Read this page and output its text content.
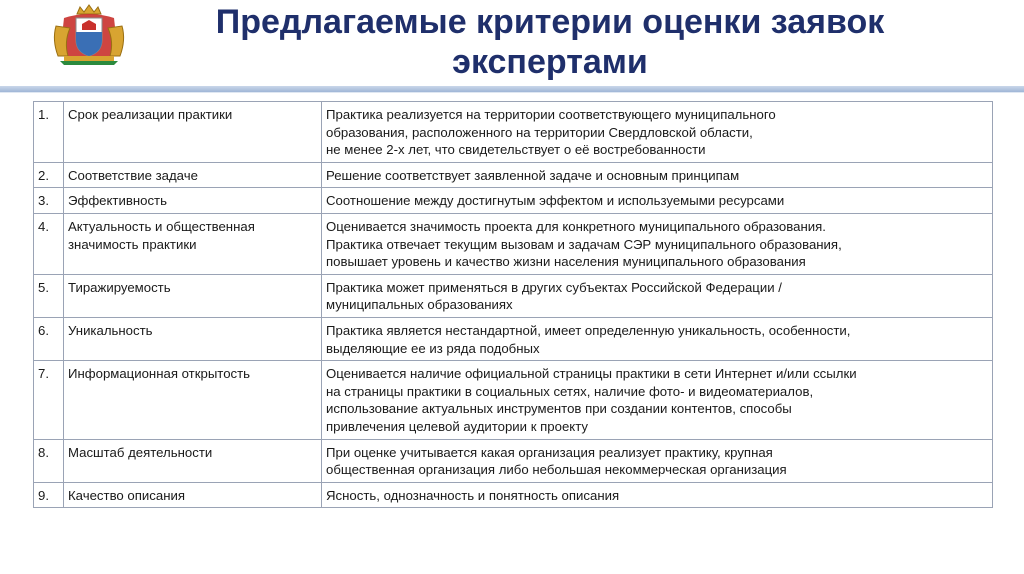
Предлагаемые критерии оценки заявок
экспертами
1.	Срок реализации практики	Практика реализуется на территории соответствующего муниципального
образования, расположенного на территории Свердловской области,
не менее 2-х лет, что свидетельствует о её востребованности

2.	Соответствие задаче	Решение соответствует заявленной задаче и основным принципам

3.	Эффективность	Соотношение между достигнутым эффектом и используемыми ресурсами

4.	Актуальность и общественная значимость практики	Оценивается значимость проекта для конкретного муниципального образования.
Практика отвечает текущим вызовам и задачам СЭР муниципального образования,
повышает уровень и качество жизни населения муниципального образования

5.	Тиражируемость	Практика может применяться в других субъектах Российской Федерации /
муниципальных образованиях

6.	Уникальность	Практика является нестандартной, имеет определенную уникальность, особенности,
выделяющие ее из ряда подобных

7.	Информационная открытость	Оценивается наличие официальной страницы практики в сети Интернет и/или ссылки
на страницы практики в социальных сетях, наличие фото- и видеоматериалов,
использование актуальных инструментов при создании контентов, способы
привлечения целевой аудитории к проекту

8.	Масштаб деятельности	При оценке учитывается какая организация реализует практику, крупная
общественная организация либо небольшая некоммерческая организация

9.	Качество описания	Ясность, однозначность и понятность описания
